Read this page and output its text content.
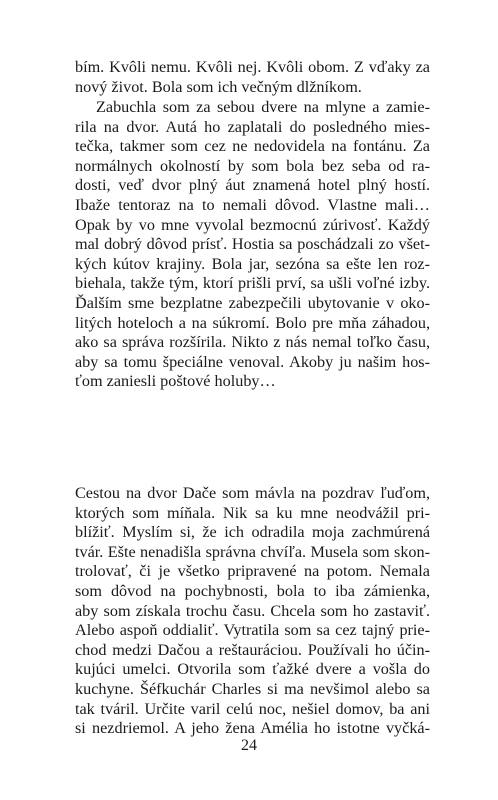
bím. Kvôli nemu. Kvôli nej. Kvôli obom. Z vďaky za
nový život. Bola som ich večným dlžníkom.
Zabuchla som za sebou dvere na mlyne a zamie-
rila na dvor. Autá ho zaplatali do posledného mies-
tečka, takmer som cez ne nedovidela na fontánu. Za
normálnych okolností by som bola bez seba od ra-
dosti, veď dvor plný áut znamená hotel plný hostí.
Ibaže tentoraz na to nemali dôvod. Vlastne mali…
Opak by vo mne vyvolal bezmocnú zúrivosť. Každý
mal dobrý dôvod prísť. Hostia sa poschádzali zo všet-
kých kútov krajiny. Bola jar, sezóna sa ešte len roz-
biehala, takže tým, ktorí prišli prví, sa ušli voľné izby.
Ďalším sme bezplatne zabezpečili ubytovanie v oko-
litých hoteloch a na súkromí. Bolo pre mňa záhadou,
ako sa správa rozšírila. Nikto z nás nemal toľko času,
aby sa tomu špeciálne venoval. Akoby ju našim hos-
ťom zaniesli poštové holuby…
Cestou na dvor Dače som mávla na pozdrav ľuďom,
ktorých som míňala. Nik sa ku mne neodvážil pri-
blížiť. Myslím si, že ich odradila moja zachmúrená
tvár. Ešte nenadišla správna chvíľa. Musela som skon-
trolovať, či je všetko pripravené na potom. Nemala
som dôvod na pochybnosti, bola to iba zámienka,
aby som získala trochu času. Chcela som ho zastaviť.
Alebo aspoň oddialiť. Vytratila som sa cez tajný prie-
chod medzi Dačou a reštauráciou. Používali ho účin-
kujúci umelci. Otvorila som ťažké dvere a vošla do
kuchyne. Šéfkuchár Charles si ma nevšimol alebo sa
tak tváril. Určite varil celú noc, nešiel domov, ba ani
si nezdriemol. A jeho žena Amélia ho istotne vyčká-
24
